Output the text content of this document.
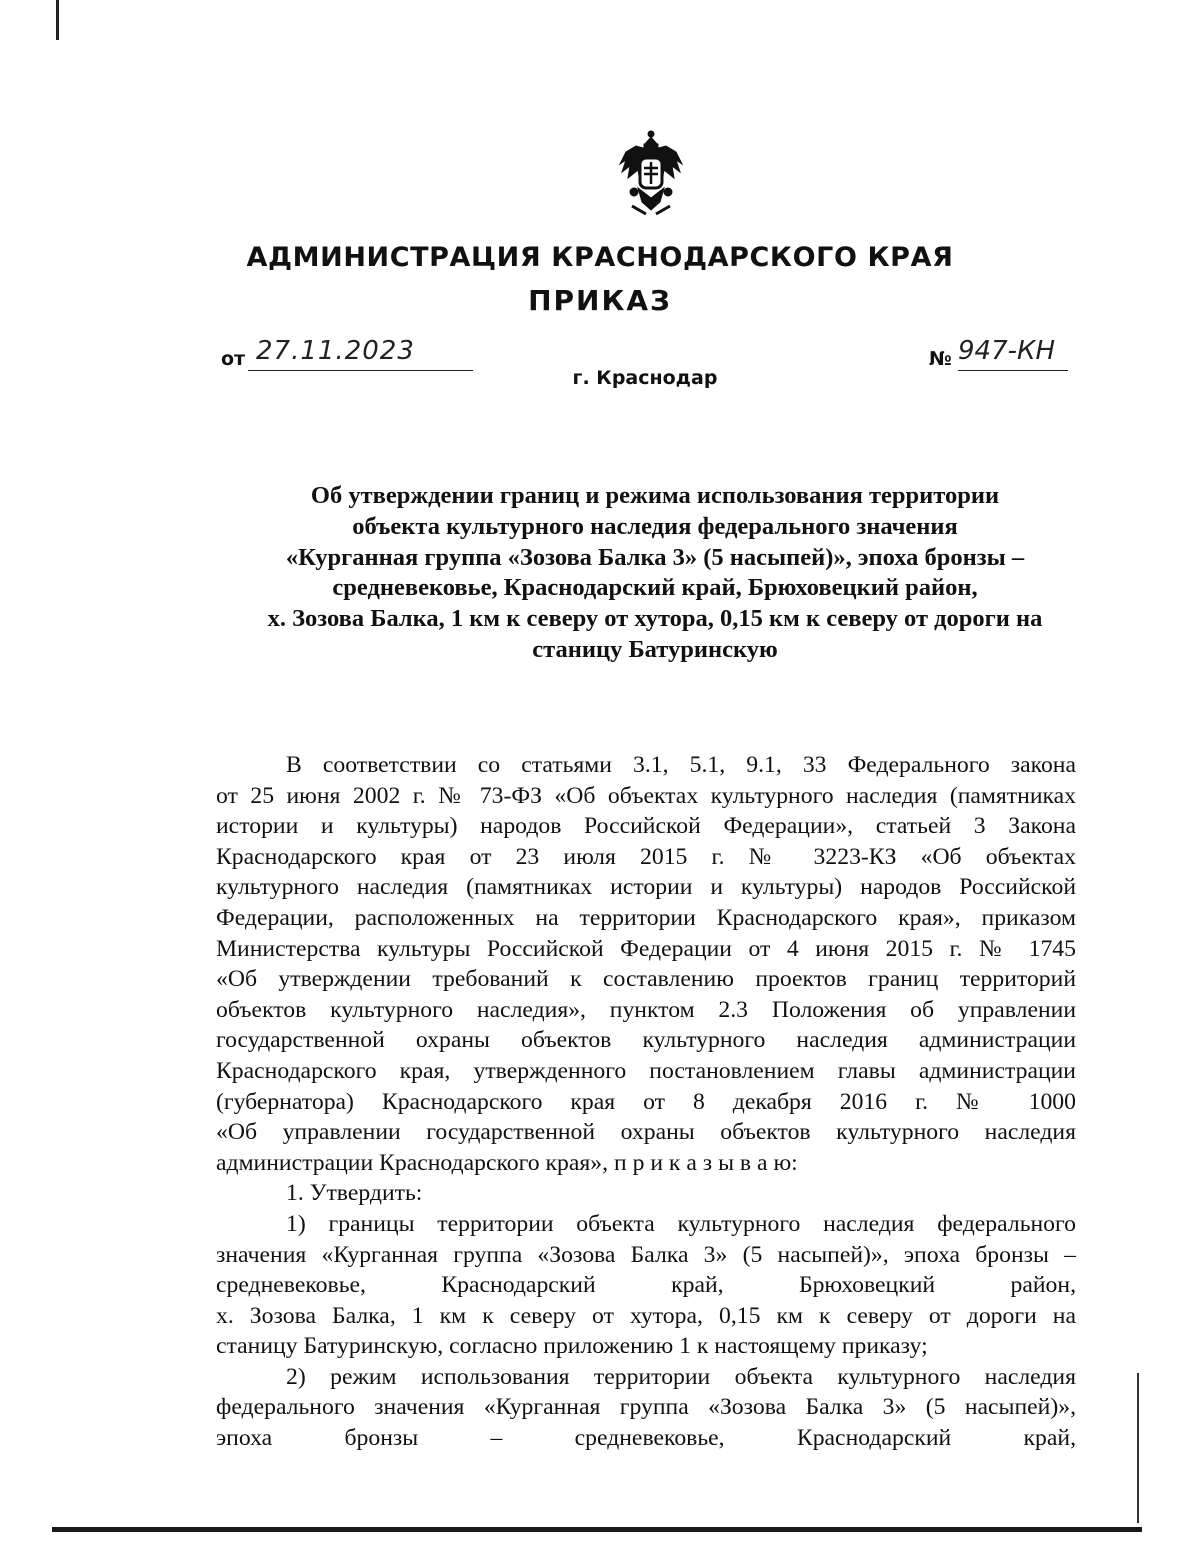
АДМИНИСТРАЦИЯ КРАСНОДАРСКОГО КРАЯ
ПРИКАЗ
от 27.11.2023	№ 947-КН
г. Краснодар
Об утверждении границ и режима использования территории
объекта культурного наследия федерального значения
«Курганная группа «Зозова Балка 3» (5 насыпей)», эпоха бронзы –
средневековье, Краснодарский край, Брюховецкий район,
х. Зозова Балка, 1 км к северу от хутора, 0,15 км к северу от дороги на
станицу Батуринскую
В соответствии со статьями 3.1, 5.1, 9.1, 33 Федерального закона
от 25 июня 2002 г. № 73-ФЗ «Об объектах культурного наследия (памятниках
истории и культуры) народов Российской Федерации», статьей 3 Закона
Краснодарского края от 23 июля 2015 г. № 3223-КЗ «Об объектах
культурного наследия (памятниках истории и культуры) народов Российской
Федерации, расположенных на территории Краснодарского края», приказом
Министерства культуры Российской Федерации от 4 июня 2015 г. № 1745
«Об утверждении требований к составлению проектов границ территорий
объектов культурного наследия», пунктом 2.3 Положения об управлении
государственной охраны объектов культурного наследия администрации
Краснодарского края, утвержденного постановлением главы администрации
(губернатора) Краснодарского края от 8 декабря 2016 г. № 1000
«Об управлении государственной охраны объектов культурного наследия
администрации Краснодарского края», п р и к а з ы в а ю:
1. Утвердить:
1) границы территории объекта культурного наследия федерального
значения «Курганная группа «Зозова Балка 3» (5 насыпей)», эпоха бронзы –
средневековье, Краснодарский край, Брюховецкий район,
х. Зозова Балка, 1 км к северу от хутора, 0,15 км к северу от дороги на
станицу Батуринскую, согласно приложению 1 к настоящему приказу;
2) режим использования территории объекта культурного наследия
федерального значения «Курганная группа «Зозова Балка 3» (5 насыпей)»,
эпоха бронзы – средневековье, Краснодарский край,
